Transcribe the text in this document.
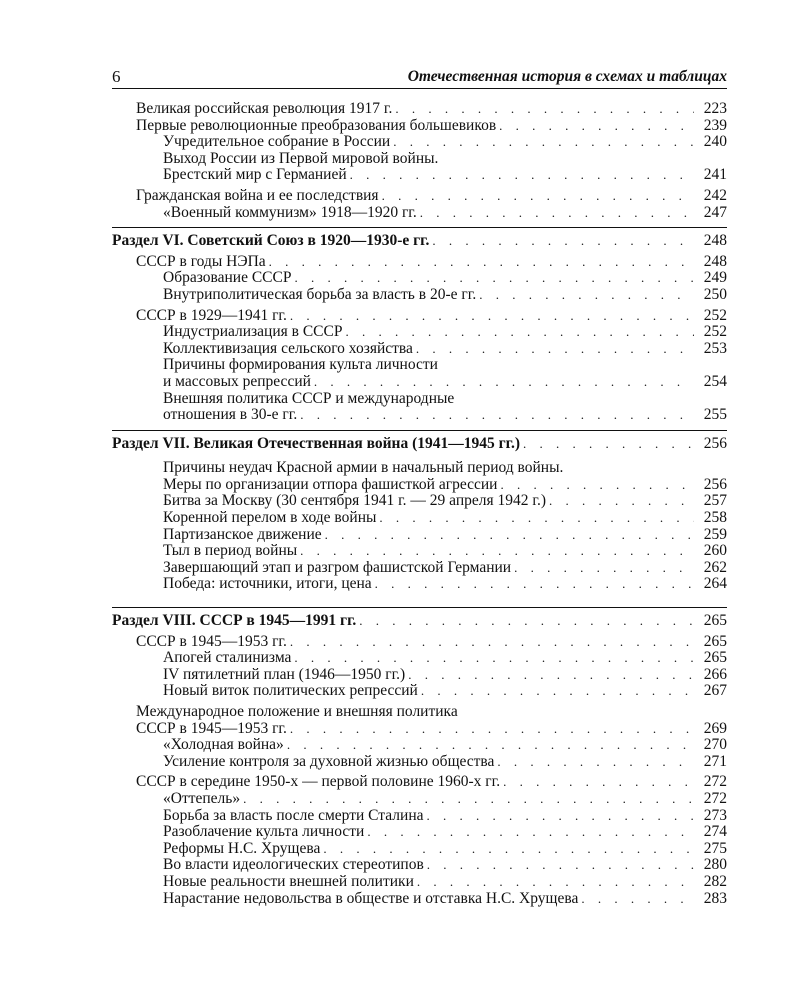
6	Отечественная история в схемах и таблицах
Великая российская революция 1917 г. . . .	223
Первые революционные преобразования большевиков . . .	239
Учредительное собрание в России . . .	240
Выход России из Первой мировой войны.
Брестский мир с Германией . . .	241
Гражданская война и ее последствия . . .	242
«Военный коммунизм» 1918—1920 гг. . . .	247
Раздел VI. Советский Союз в 1920—1930-е гг. . . .	248
СССР в годы НЭПа . . .	248
Образование СССР . . .	249
Внутриполитическая борьба за власть в 20-е гг. . . .	250
СССР в 1929—1941 гг. . . .	252
Индустриализация в СССР . . .	252
Коллективизация сельского хозяйства . . .	253
Причины формирования культа личности
и массовых репрессий . . .	254
Внешняя политика СССР и международные
отношения в 30-е гг. . . .	255
Раздел VII. Великая Отечественная война (1941—1945 гг.) . . .	256
Причины неудач Красной армии в начальный период войны.
Меры по организации отпора фашисткой агрессии . . .	256
Битва за Москву (30 сентября 1941 г. — 29 апреля 1942 г.) . . .	257
Коренной перелом в ходе войны . . .	258
Партизанское движение . . .	259
Тыл в период войны . . .	260
Завершающий этап и разгром фашистской Германии . . .	262
Победа: источники, итоги, цена . . .	264
Раздел VIII. СССР в 1945—1991 гг. . . .	265
СССР в 1945—1953 гг. . . .	265
Апогей сталинизма . . .	265
IV пятилетний план (1946—1950 гг.) . . .	266
Новый виток политических репрессий . . .	267
Международное положение и внешняя политика
СССР в 1945—1953 гг. . . .	269
«Холодная война» . . .	270
Усиление контроля за духовной жизнью общества . . .	271
СССР в середине 1950-х — первой половине 1960-х гг. . . .	272
«Оттепель» . . .	272
Борьба за власть после смерти Сталина . . .	273
Разоблачение культа личности . . .	274
Реформы Н.С. Хрущева . . .	275
Во власти идеологических стереотипов . . .	280
Новые реальности внешней политики . . .	282
Нарастание недовольства в обществе и отставка Н.С. Хрущева . . .	283
